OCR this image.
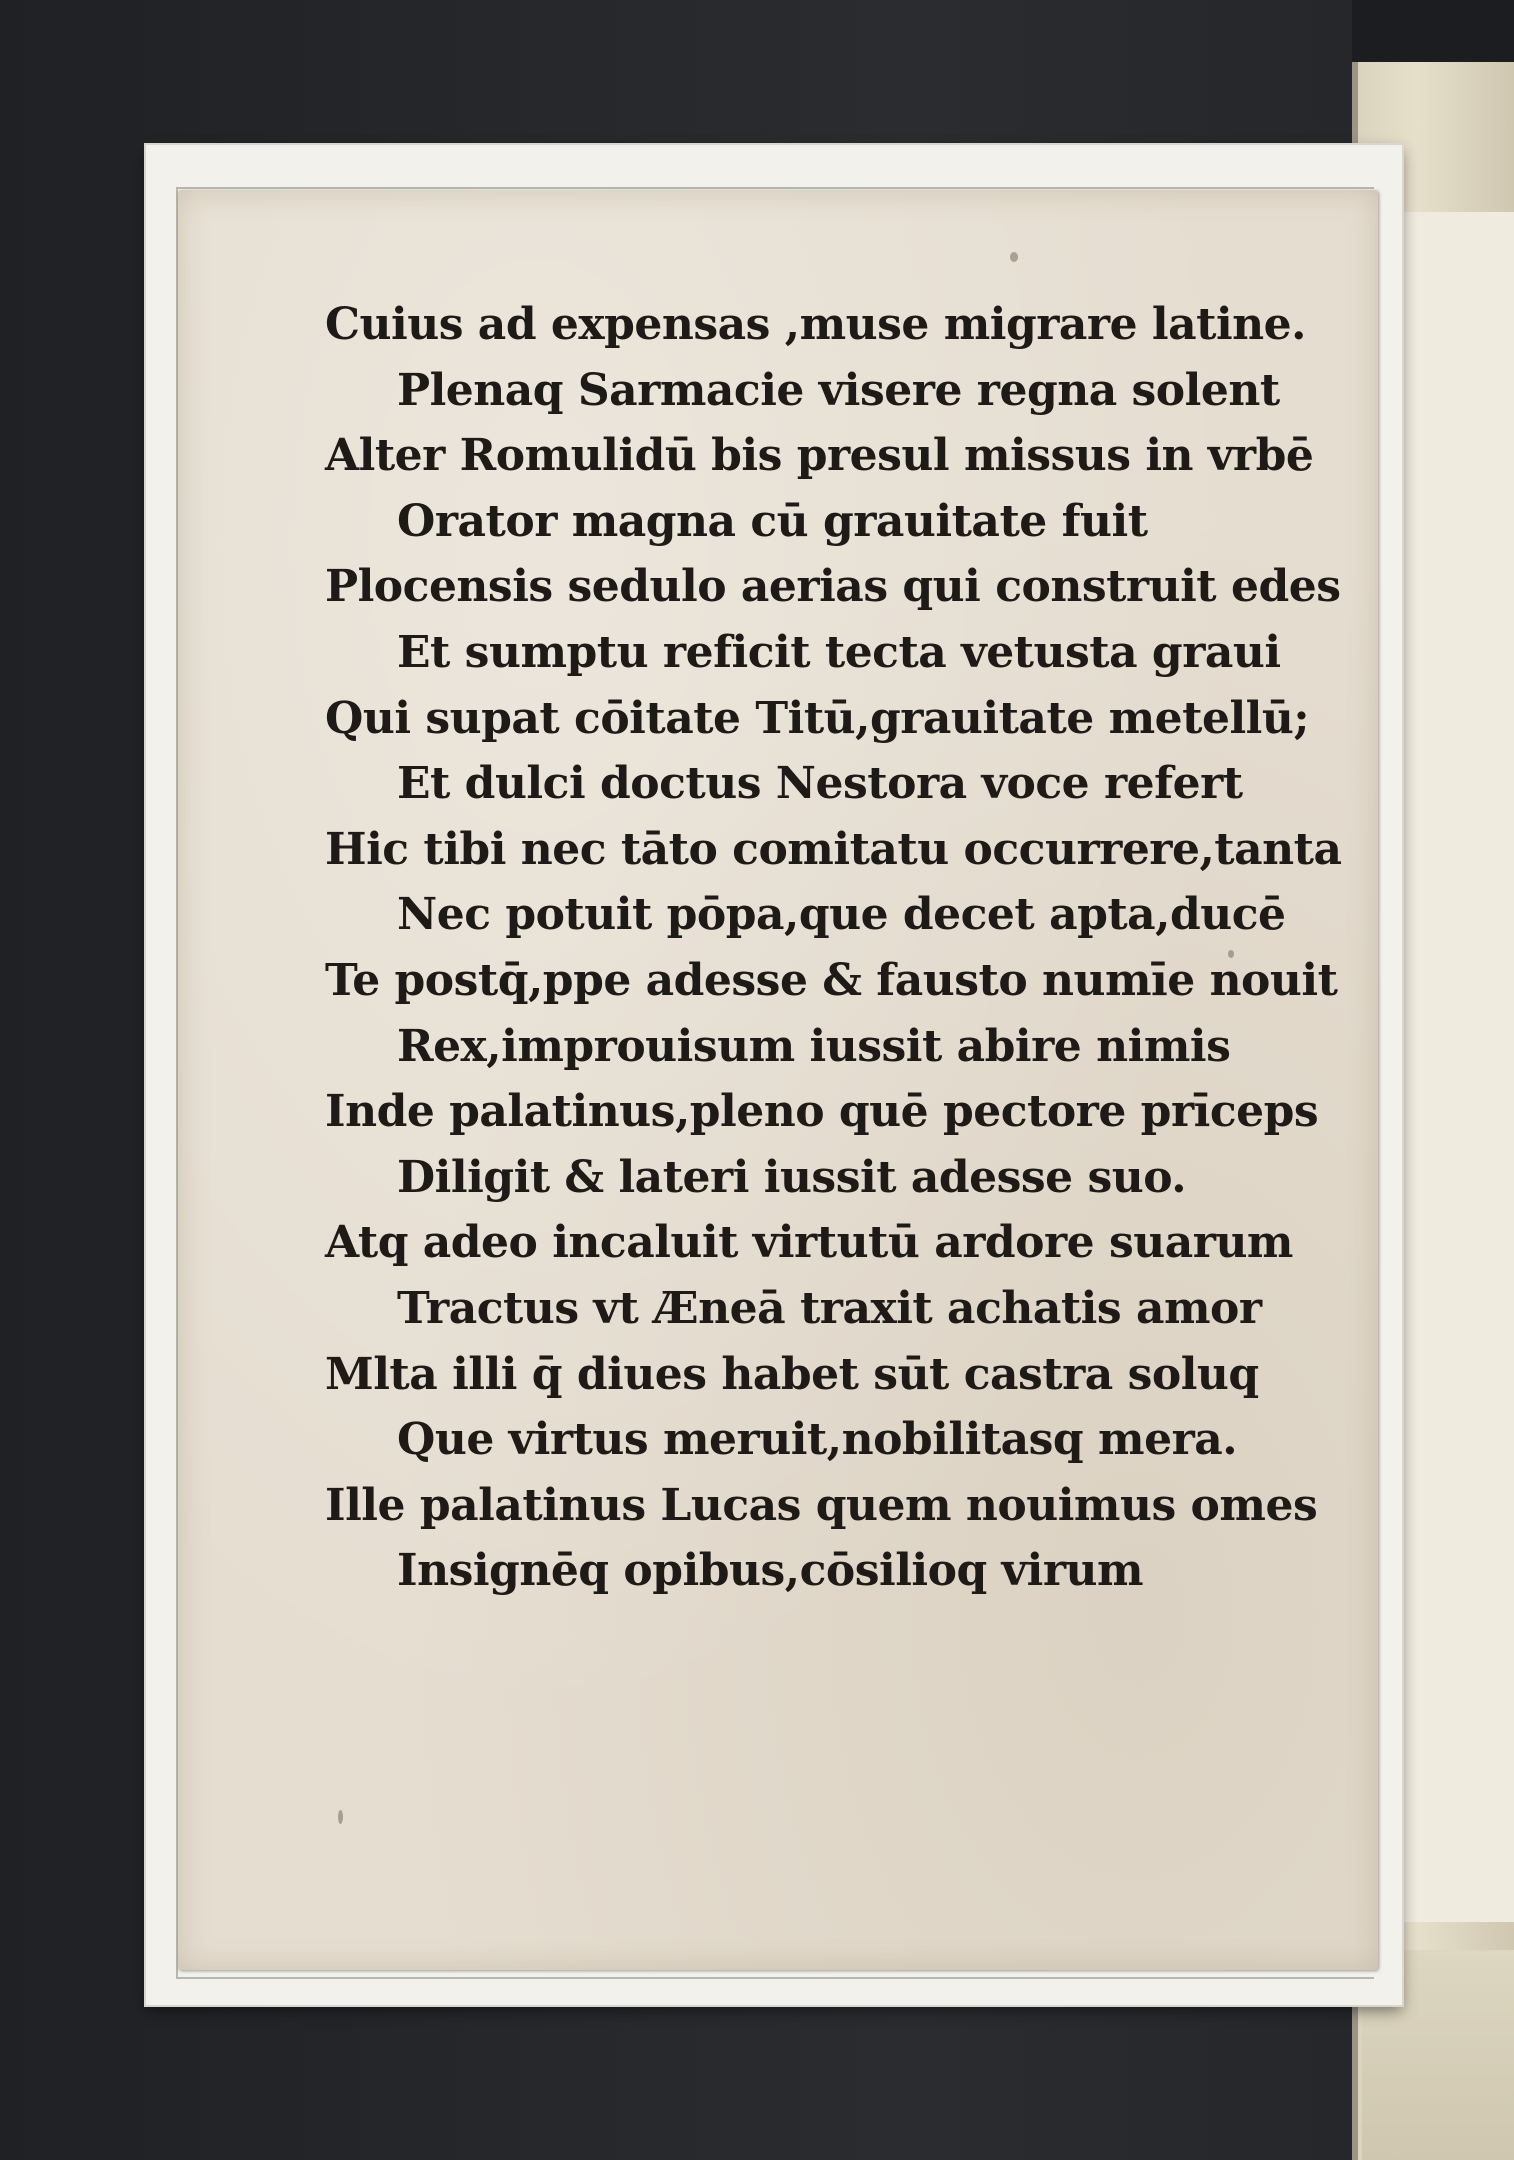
Cuius ad expensas ,muse migrare latine.
Plenaq Sarmacie visere regna solent
Alter Romulidū bis presul missus in vrbē
Orator magna cū grauitate fuit
Plocensis sedulo aerias qui construit edes
Et sumptu reficit tecta vetusta graui
Qui supat cōitate Titū,grauitate metellū;
Et dulci doctus Nestora voce refert
Hic tibi nec tāto comitatu occurrere,tanta
Nec potuit pōpa,que decet apta,ducē
Te postq̄,ppe adesse & fausto numīe nouit
Rex,improuisum iussit abire nimis
Inde palatinus,pleno quē pectore prīceps
Diligit & lateri iussit adesse suo.
Atq adeo incaluit virtutū ardore suarum
Tractus vt Æneā traxit achatis amor
Mlta illi q̄ diues habet sūt castra soluq
Que virtus meruit,nobilitasq mera.
Ille palatinus Lucas quem nouimus omes
Insignēq opibus,cōsilioq virum
